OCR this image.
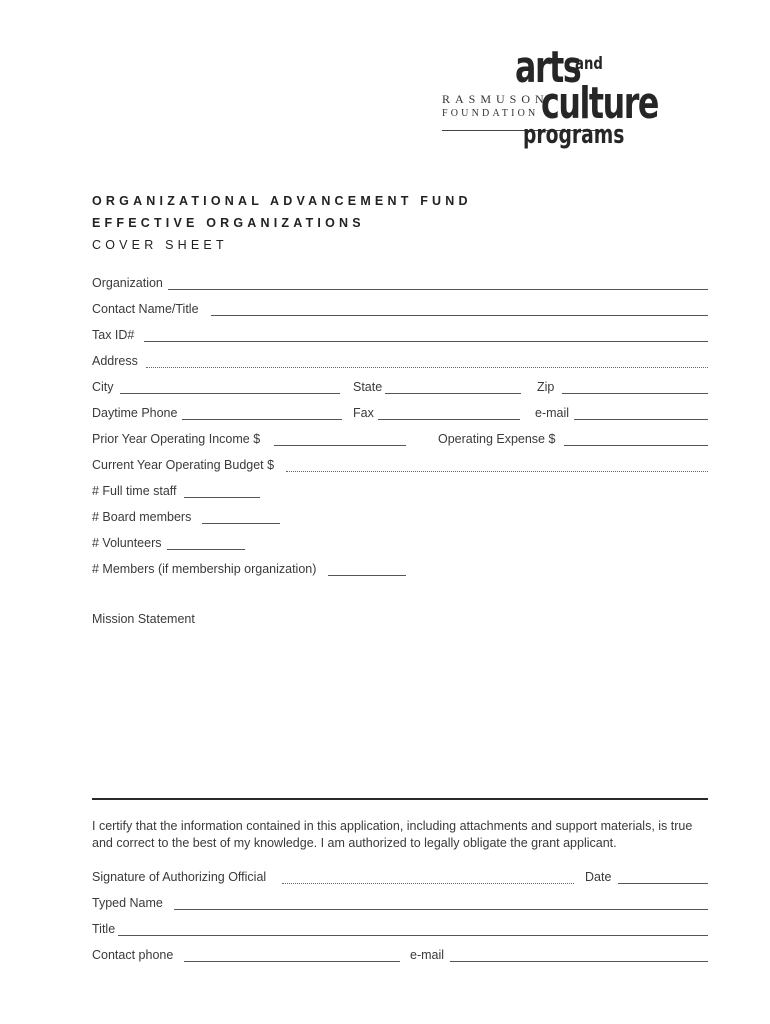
arts
and
RASMUSON
FOUNDATION culture
programs
ORGANIZATIONAL ADVANCEMENT FUND
EFFECTIVE ORGANIZATIONS
COVER SHEET
Organization
Contact Name/Title
Tax ID#
Address
City	State	Zip
Daytime Phone	Fax	e-mail
Prior Year Operating Income $	Operating Expense $
Current Year Operating Budget $
# Full time staff
# Board members
# Volunteers
# Members (if membership organization)
Mission Statement
I certify that the information contained in this application, including attachments and support materials, is true and correct to the best of my knowledge. I am authorized to legally obligate the grant applicant.
Signature of Authorizing Official	Date
Typed Name
Title
Contact phone	e-mail
